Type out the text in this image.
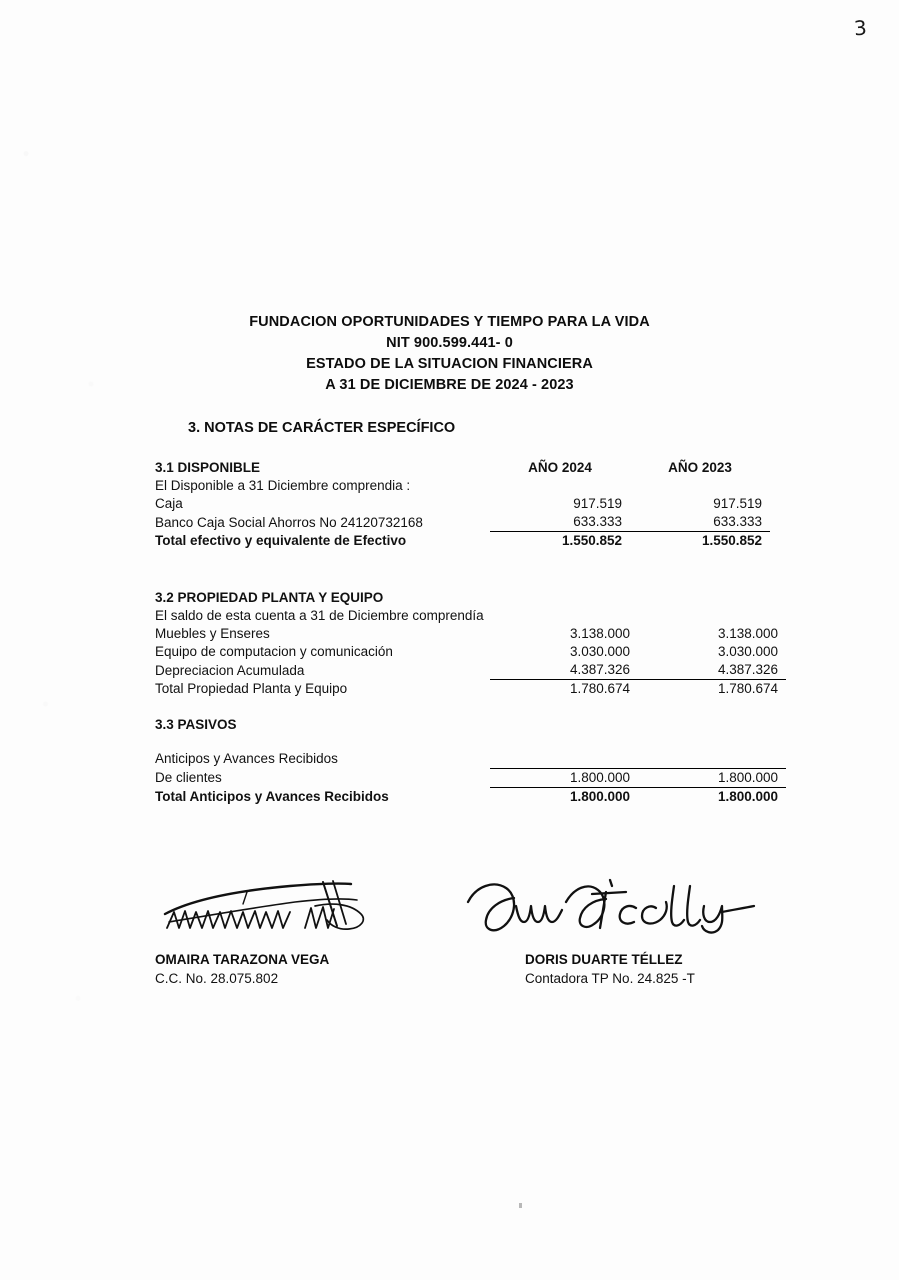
3
FUNDACION OPORTUNIDADES Y TIEMPO PARA LA VIDA
NIT 900.599.441- 0
ESTADO DE LA SITUACION FINANCIERA
A 31 DE DICIEMBRE DE 2024 - 2023
3. NOTAS DE CARÁCTER ESPECÍFICO
3.1 DISPONIBLE	AÑO 2024	AÑO 2023
El Disponible a 31 Diciembre comprendia :		
Caja	917.519	917.519
Banco Caja Social Ahorros No 24120732168	633.333	633.333
Total efectivo y equivalente de Efectivo	1.550.852	1.550.852
3.2 PROPIEDAD PLANTA Y EQUIPO		
El saldo de esta cuenta a 31 de Diciembre comprendía		
Muebles y Enseres	3.138.000	3.138.000
Equipo de computacion y comunicación	3.030.000	3.030.000
Depreciacion Acumulada	4.387.326	4.387.326
Total Propiedad Planta y Equipo	1.780.674	1.780.674
3.3 PASIVOS		

Anticipos y Avances Recibidos		
De clientes	1.800.000	1.800.000
Total Anticipos y Avances Recibidos	1.800.000	1.800.000
OMAIRA TARAZONA VEGA
C.C. No. 28.075.802
DORIS DUARTE TÉLLEZ
Contadora TP No. 24.825 -T
